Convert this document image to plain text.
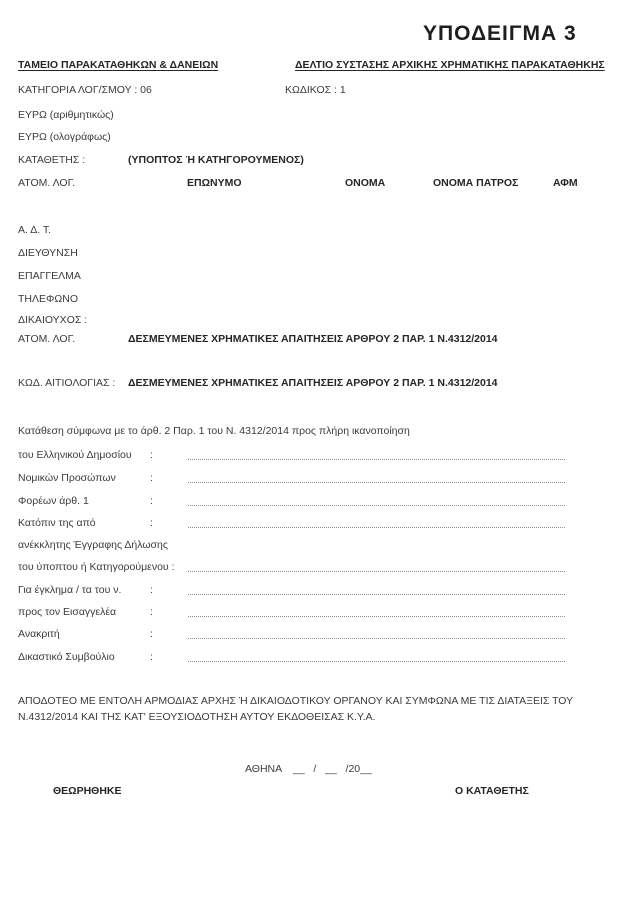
ΥΠΟΔΕΙΓΜΑ 3
ΤΑΜΕΙΟ ΠΑΡΑΚΑΤΑΘΗΚΩΝ & ΔΑΝΕΙΩΝ	ΔΕΛΤΙΟ ΣΥΣΤΑΣΗΣ ΑΡΧΙΚΗΣ ΧΡΗΜΑΤΙΚΗΣ ΠΑΡΑΚΑΤΑΘΗΚΗΣ
ΚΑΤΗΓΟΡΙΑ ΛΟΓ/ΣΜΟΥ : 06	ΚΩΔΙΚΟΣ : 1
ΕΥΡΩ (αριθμητικώς)
ΕΥΡΩ (ολογράφως)
ΚΑΤΑΘΕΤΗΣ :	(ΥΠΟΠΤΟΣ Ή ΚΑΤΗΓΟΡΟΥΜΕΝΟΣ)
ΑΤΟΜ. ΛΟΓ.	ΕΠΩΝΥΜΟ	ΟΝΟΜΑ	ΟΝΟΜΑ ΠΑΤΡΟΣ	ΑΦΜ
Α. Δ. Τ.
ΔΙΕΥΘΥΝΣΗ
ΕΠΑΓΓΕΛΜΑ
ΤΗΛΕΦΩΝΟ
ΔΙΚΑΙΟΥΧΟΣ :
ΑΤΟΜ. ΛΟΓ.	ΔΕΣΜΕΥΜΕΝΕΣ ΧΡΗΜΑΤΙΚΕΣ ΑΠΑΙΤΗΣΕΙΣ ΑΡΘΡΟΥ 2 ΠΑΡ. 1 Ν.4312/2014
ΚΩΔ. ΑΙΤΙΟΛΟΓΙΑΣ : ΔΕΣΜΕΥΜΕΝΕΣ ΧΡΗΜΑΤΙΚΕΣ ΑΠΑΙΤΗΣΕΙΣ ΑΡΘΡΟΥ 2 ΠΑΡ. 1 Ν.4312/2014
Κατάθεση σύμφωνα με το άρθ. 2 Παρ. 1 του Ν. 4312/2014 προς πλήρη ικανοποίηση
του Ελληνικού Δημοσίου :
Νομικών Προσώπων	:
Φορέων άρθ. 1	:
Κατόπιν της από	:
ανέκκλητης Έγγραφης Δήλωσης
του ύποπτου ή Κατηγορούμενου :
Για έγκλημα / τα του ν.	:
προς τον Εισαγγελέα	:
Ανακριτή	:
Δικαστικό Συμβούλιο	:
ΑΠΟΔΟΤΕΟ ΜΕ ΕΝΤΟΛΗ ΑΡΜΟΔΙΑΣ ΑΡΧΗΣ Ή ΔΙΚΑΙΟΔΟΤΙΚΟΥ ΟΡΓΑΝΟΥ ΚΑΙ ΣΥΜΦΩΝΑ ΜΕ ΤΙΣ ΔΙΑΤΑΞΕΙΣ ΤΟΥ Ν.4312/2014 ΚΑΙ ΤΗΣ ΚΑΤ' ΕΞΟΥΣΙΟΔΟΤΗΣΗ ΑΥΤΟΥ ΕΚΔΟΘΕΙΣΑΣ Κ.Υ.Α.
ΑΘΗΝΑ __   /   __   /20__
ΘΕΩΡΗΘΗΚΕ	Ο ΚΑΤΑΘΕΤΗΣ
